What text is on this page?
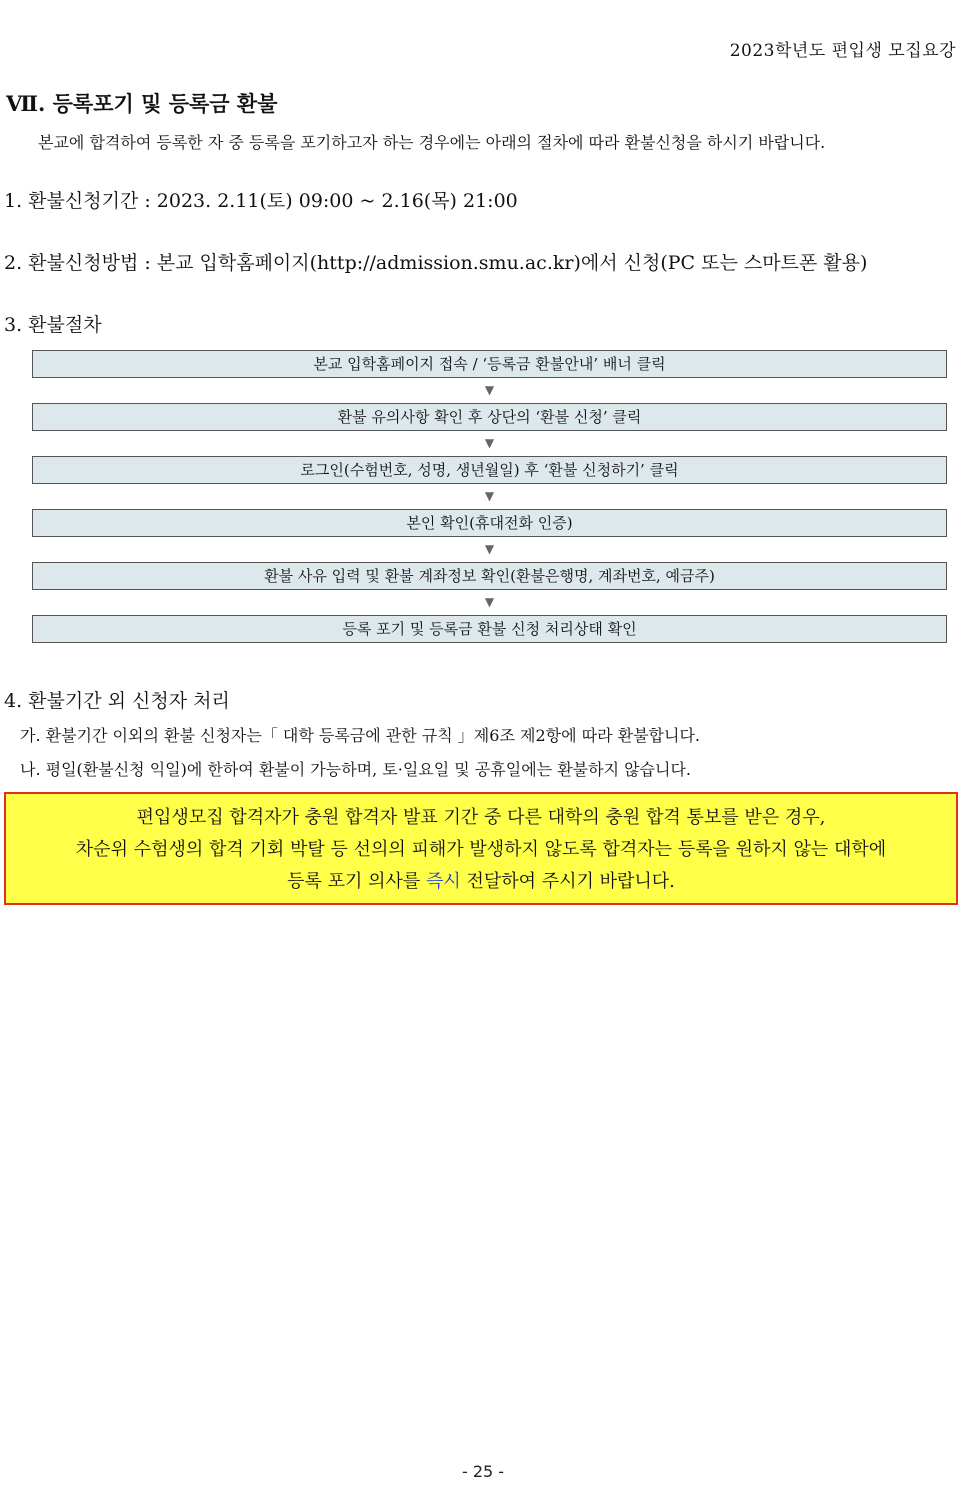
2023학년도 편입생 모집요강
Ⅶ. 등록포기 및 등록금 환불
본교에 합격하여 등록한 자 중 등록을 포기하고자 하는 경우에는 아래의 절차에 따라 환불신청을 하시기 바랍니다.
1. 환불신청기간 : 2023. 2.11(토) 09:00 ~ 2.16(목) 21:00
2. 환불신청방법 : 본교 입학홈페이지(http://admission.smu.ac.kr)에서 신청(PC 또는 스마트폰 활용)
3. 환불절차
본교 입학홈페이지 접속 / ‘등록금 환불안내’ 배너 클릭
▼
환불 유의사항 확인 후 상단의 ‘환불 신청’ 클릭
▼
로그인(수험번호, 성명, 생년월일) 후 ‘환불 신청하기’ 클릭
▼
본인 확인(휴대전화 인증)
▼
환불 사유 입력 및 환불 계좌정보 확인(환불은행명, 계좌번호, 예금주)
▼
등록 포기 및 등록금 환불 신청 처리상태 확인
4. 환불기간 외 신청자 처리
가. 환불기간 이외의 환불 신청자는「 대학 등록금에 관한 규칙 」제6조 제2항에 따라 환불합니다.
나. 평일(환불신청 익일)에 한하여 환불이 가능하며, 토·일요일 및 공휴일에는 환불하지 않습니다.
편입생모집 합격자가 충원 합격자 발표 기간 중 다른 대학의 충원 합격 통보를 받은 경우,
차순위 수험생의 합격 기회 박탈 등 선의의 피해가 발생하지 않도록 합격자는 등록을 원하지 않는 대학에
등록 포기 의사를 즉시 전달하여 주시기 바랍니다.
- 25 -
